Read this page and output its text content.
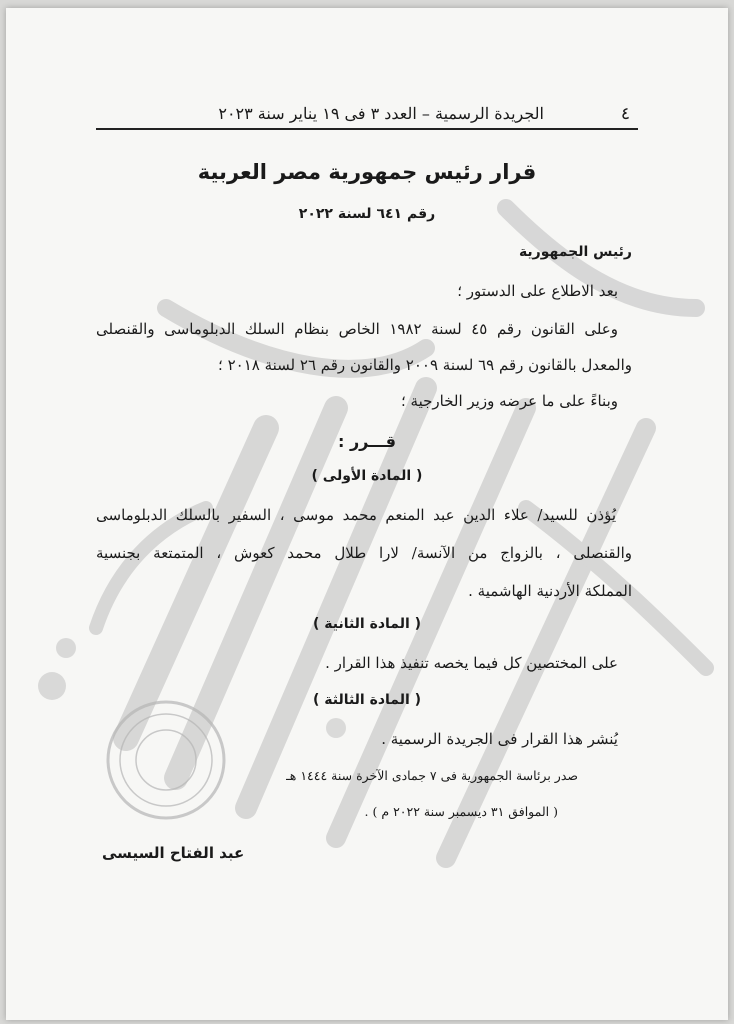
٤
الجريدة الرسمية – العدد ٣ فى ١٩ يناير سنة ٢٠٢٣
قرار رئيس جمهورية مصر العربية
رقم ٦٤١ لسنة ٢٠٢٢
رئيس الجمهورية
بعد الاطلاع على الدستور ؛
وعلى القانون رقم ٤٥ لسنة ١٩٨٢ الخاص بنظام السلك الدبلوماسى والقنصلى
والمعدل بالقانون رقم ٦٩ لسنة ٢٠٠٩ والقانون رقم ٢٦ لسنة ٢٠١٨ ؛
وبناءً على ما عرضه وزير الخارجية ؛
قـــرر :
( المادة الأولى )
يُؤذن للسيد/ علاء الدين عبد المنعم محمد موسى ، السفير بالسلك الدبلوماسى
والقنصلى ، بالزواج من الآنسة/ لارا طلال محمد كعوش ، المتمتعة بجنسية
المملكة الأردنية الهاشمية .
( المادة الثانية )
على المختصين كل فيما يخصه تنفيذ هذا القرار .
( المادة الثالثة )
يُنشر هذا القرار فى الجريدة الرسمية .
صدر برئاسة الجمهورية فى ٧ جمادى الآخرة سنة ١٤٤٤ هـ
( الموافق ٣١ ديسمبر سنة ٢٠٢٢ م ) .
عبد الفتاح السيسى
